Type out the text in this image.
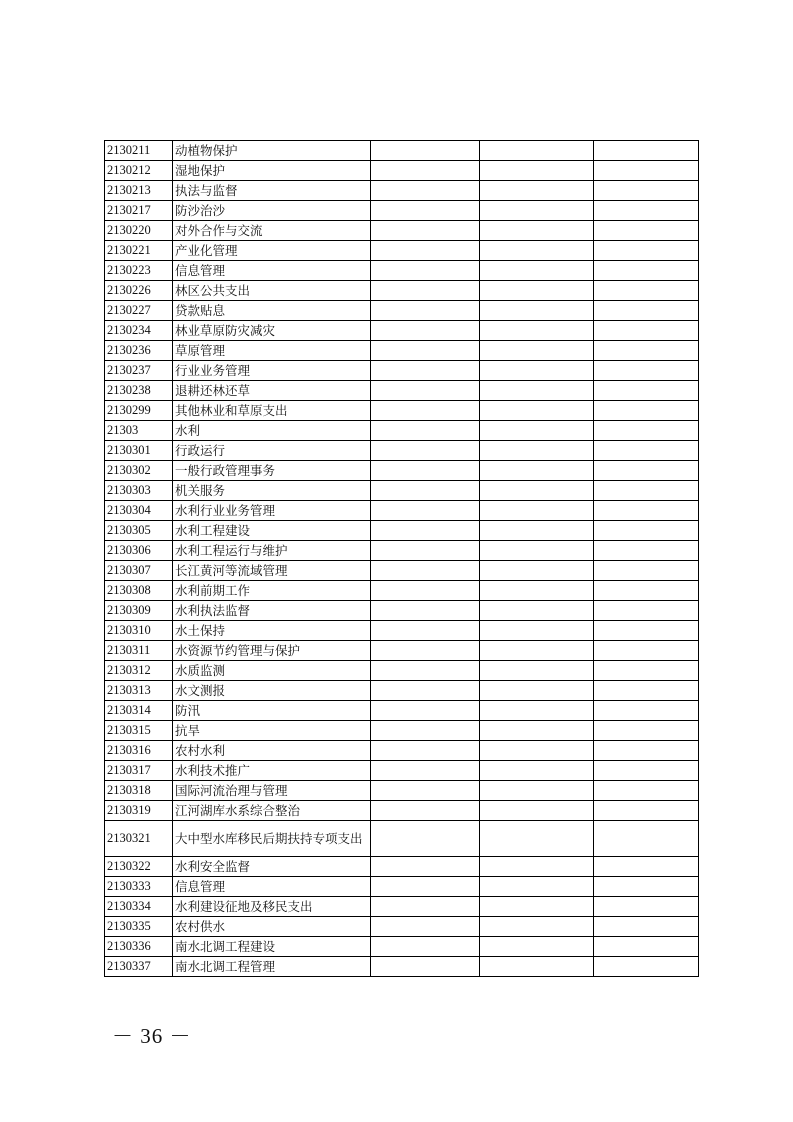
2130211	动植物保护			
2130212	湿地保护			
2130213	执法与监督			
2130217	防沙治沙			
2130220	对外合作与交流			
2130221	产业化管理			
2130223	信息管理			
2130226	林区公共支出			
2130227	贷款贴息			
2130234	林业草原防灾减灾			
2130236	草原管理			
2130237	行业业务管理			
2130238	退耕还林还草			
2130299	其他林业和草原支出			
21303	水利			
2130301	行政运行			
2130302	一般行政管理事务			
2130303	机关服务			
2130304	水利行业业务管理			
2130305	水利工程建设			
2130306	水利工程运行与维护			
2130307	长江黄河等流域管理			
2130308	水利前期工作			
2130309	水利执法监督			
2130310	水土保持			
2130311	水资源节约管理与保护			
2130312	水质监测			
2130313	水文测报			
2130314	防汛			
2130315	抗旱			
2130316	农村水利			
2130317	水利技术推广			
2130318	国际河流治理与管理			
2130319	江河湖库水系综合整治			
2130321	大中型水库移民后期扶持专项支出			
2130322	水利安全监督			
2130333	信息管理			
2130334	水利建设征地及移民支出			
2130335	农村供水			
2130336	南水北调工程建设			
2130337	南水北调工程管理			
－ 36 －
